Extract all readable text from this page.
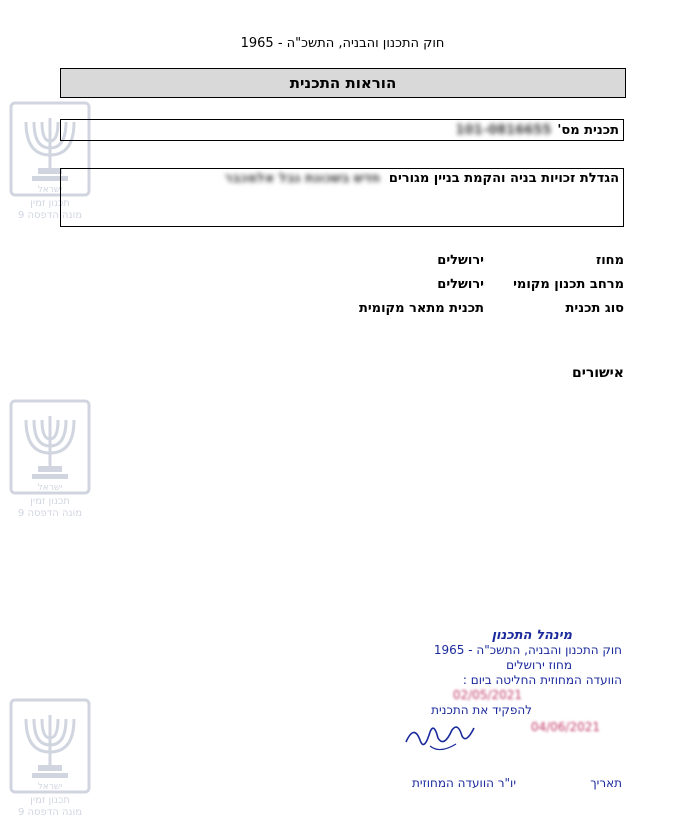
ישראל
תכנון זמין
מונה הדפסה 9
ישראל
תכנון זמין
מונה הדפסה 9
ישראל
תכנון זמין
מונה הדפסה 9
חוק התכנון והבניה, התשכ"ה - 1965
הוראות התכנית
תכנית מס'
101-0816655
הגדלת זכויות בניה והקמת בניין מגורים חדש בשכונת גבל אלמכבר
מחוז
ירושלים
מרחב תכנון מקומי
ירושלים
סוג תכנית
תכנית מתאר מקומית
אישורים
מינהל התכנון
חוק התכנון והבניה, התשכ"ה - 1965
מחוז ירושלים
הוועדה המחוזית החליטה ביום :
02/05/2021
להפקיד את התכנית
04/06/2021
תאריך
יו"ר הוועדה המחוזית
